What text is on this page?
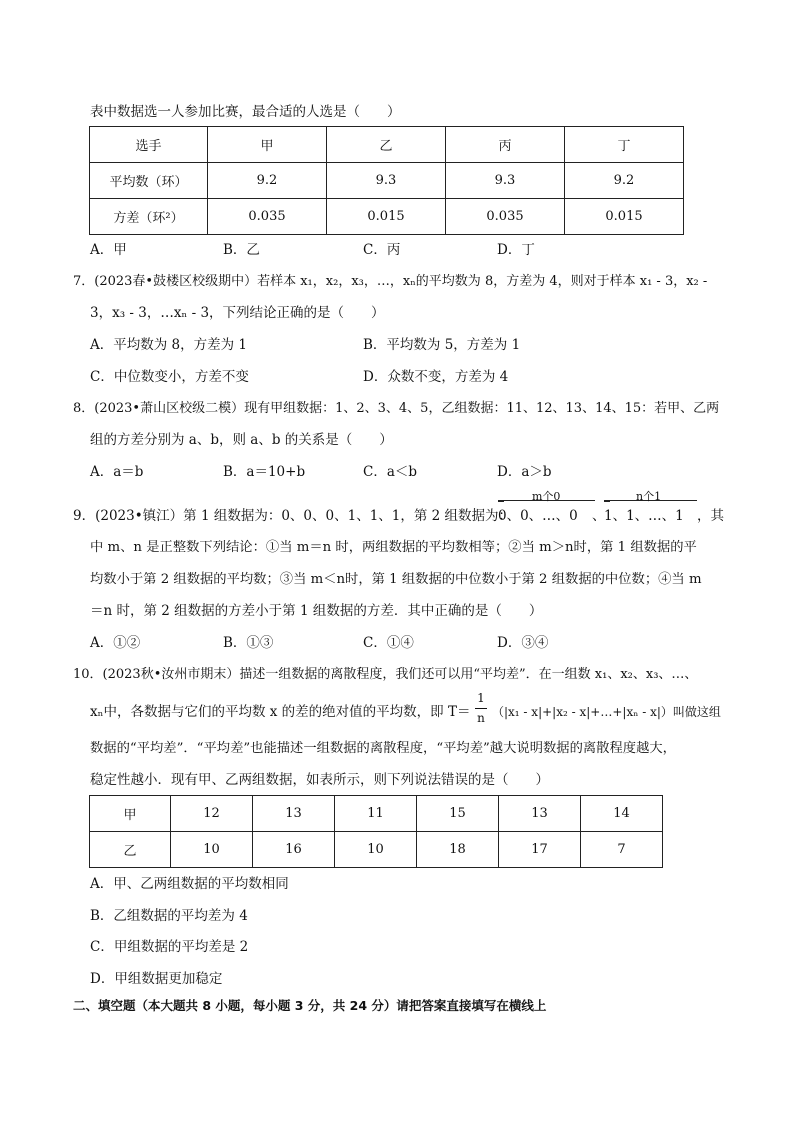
表中数据选一人参加比赛，最合适的人选是（　　）
选手	甲	乙	丙	丁
平均数（环）	9.2	9.3	9.3	9.2
方差（环²）	0.035	0.015	0.035	0.015
A．甲	B．乙	C．丙	D．丁
7．(2023春•鼓楼区校级期中）若样本 x₁，x₂，x₃，…，xₙ的平均数为 8，方差为 4，则对于样本 x₁ - 3，x₂ -
3，x₃ - 3，…xₙ - 3，下列结论正确的是（　　）
A．平均数为 8，方差为 1	B．平均数为 5，方差为 1
C．中位数变小，方差不变	D．众数不变，方差为 4
8．(2023•萧山区校级二模）现有甲组数据：1、2、3、4、5，乙组数据：11、12、13、14、15：若甲、乙两
组的方差分别为 a、b，则 a、b 的关系是（　　）
A．a＝b	B．a＝10+b	C．a＜b	D．a＞b
9．(2023•镇江）第 1 组数据为：0、0、0、1、1、1，第 2 组数据为：
m个0
0、0、…、0 、
n个1
1、1、…、1 ，其
中 m、n 是正整数下列结论：①当 m＝n 时，两组数据的平均数相等；②当 m＞n时，第 1 组数据的平
均数小于第 2 组数据的平均数；③当 m＜n时，第 1 组数据的中位数小于第 2 组数据的中位数；④当 m
＝n 时，第 2 组数据的方差小于第 1 组数据的方差．其中正确的是（　　）
A．①②	B．①③	C．①④	D．③④
10．(2023秋•汝州市期末）描述一组数据的离散程度，我们还可以用“平均差”．在一组数 x₁、x₂、x₃、…、
xₙ中，各数据与它们的平均数 x 的差的绝对值的平均数，即 T＝
1
n （|x₁ - x|+|x₂ - x|+…+|xₙ - x|）叫做这组
数据的“平均差”．“平均差”也能描述一组数据的离散程度，“平均差”越大说明数据的离散程度越大，
稳定性越小．现有甲、乙两组数据，如表所示，则下列说法错误的是（　　）
甲	12	13	11	15	13	14
乙	10	16	10	18	17	7
A．甲、乙两组数据的平均数相同
B．乙组数据的平均差为 4
C．甲组数据的平均差是 2
D．甲组数据更加稳定
二、填空题（本大题共 8 小题，每小题 3 分，共 24 分）请把答案直接填写在横线上
